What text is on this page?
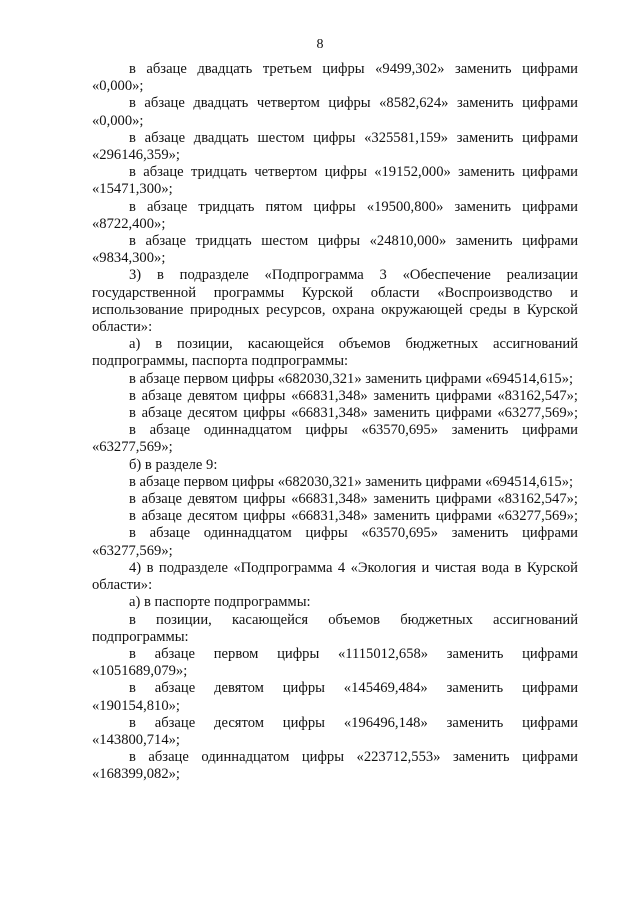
8

в абзаце двадцать третьем цифры «9499,302» заменить цифрами «0,000»;

в абзаце двадцать четвертом цифры «8582,624» заменить цифрами «0,000»;

в абзаце двадцать шестом цифры «325581,159» заменить цифрами «296146,359»;

в абзаце тридцать четвертом цифры «19152,000» заменить цифрами «15471,300»;

в абзаце тридцать пятом цифры «19500,800» заменить цифрами «8722,400»;

в абзаце тридцать шестом цифры «24810,000» заменить цифрами «9834,300»;

3) в подразделе «Подпрограмма 3 «Обеспечение реализации государственной программы Курской области «Воспроизводство и использование природных ресурсов, охрана окружающей среды в Курской области»:

а) в позиции, касающейся объемов бюджетных ассигнований подпрограммы, паспорта подпрограммы:

в абзаце первом цифры «682030,321» заменить цифрами «694514,615»;

в абзаце девятом цифры «66831,348» заменить цифрами «83162,547»;

в абзаце десятом цифры «66831,348» заменить цифрами «63277,569»;

в абзаце одиннадцатом цифры «63570,695» заменить цифрами «63277,569»;

б) в разделе 9:

в абзаце первом цифры «682030,321» заменить цифрами «694514,615»;

в абзаце девятом цифры «66831,348» заменить цифрами «83162,547»;

в абзаце десятом цифры «66831,348» заменить цифрами «63277,569»;

в абзаце одиннадцатом цифры «63570,695» заменить цифрами «63277,569»;

4) в подразделе «Подпрограмма 4 «Экология и чистая вода в Курской области»:

а) в паспорте подпрограммы:

в позиции, касающейся объемов бюджетных ассигнований подпрограммы:

в абзаце первом цифры «1115012,658» заменить цифрами «1051689,079»;

в абзаце девятом цифры «145469,484» заменить цифрами «190154,810»;

в абзаце десятом цифры «196496,148» заменить цифрами «143800,714»;

в абзаце одиннадцатом цифры «223712,553» заменить цифрами «168399,082»;
